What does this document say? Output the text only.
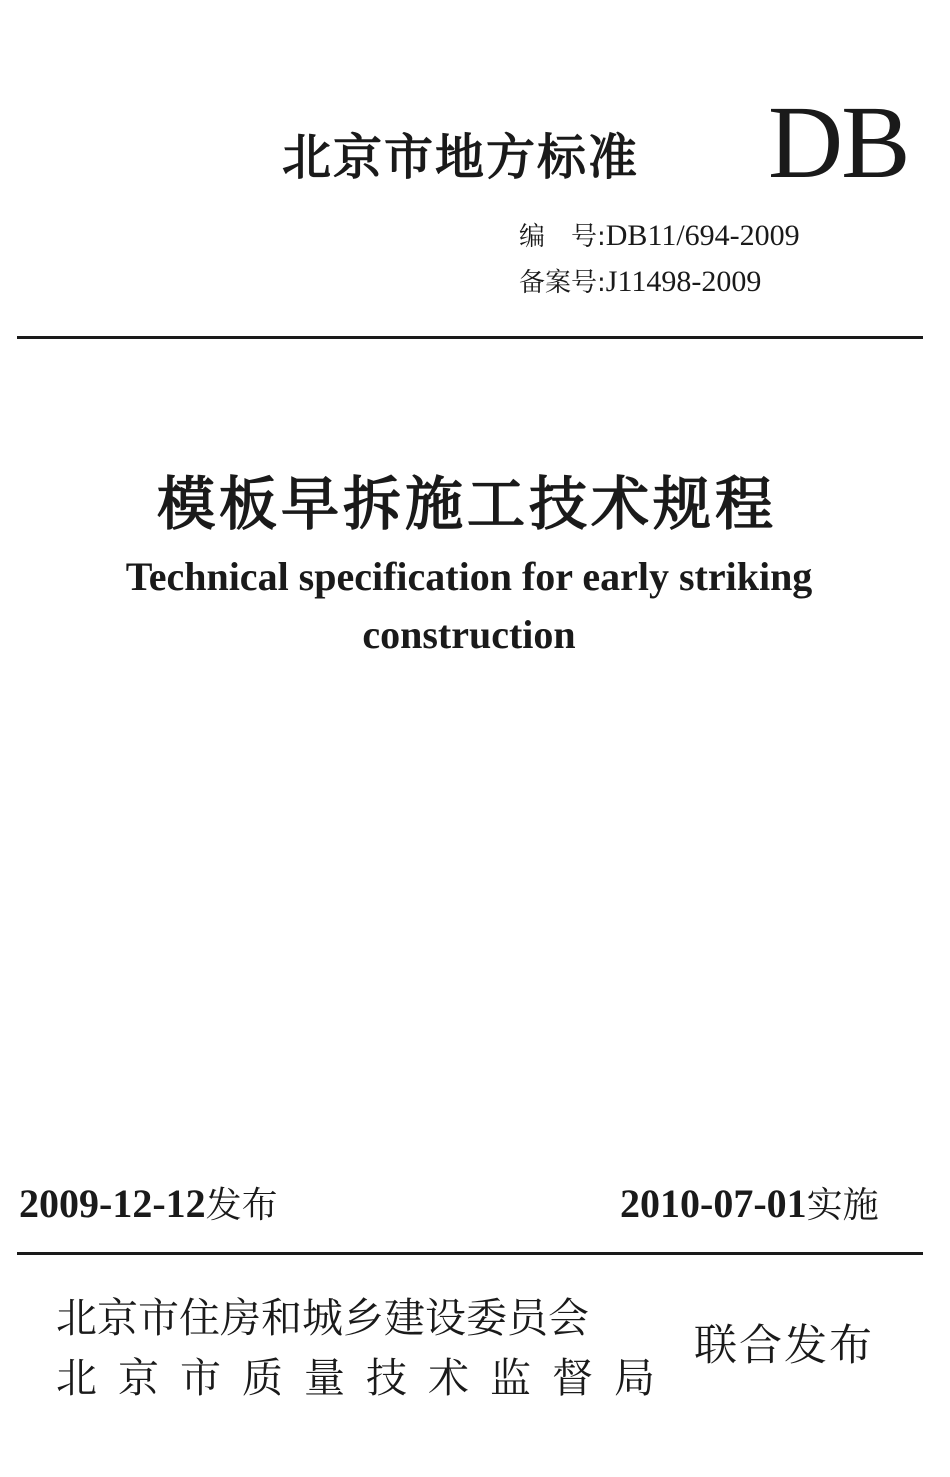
北京市地方标准 DB
编　号:DB11/694-2009
备案号:J11498-2009
模板早拆施工技术规程
Technical specification for early striking
construction
2009-12-12发布	2010-07-01实施
北京市住房和城乡建设委员会
北京市质量技术监督局
联合发布
